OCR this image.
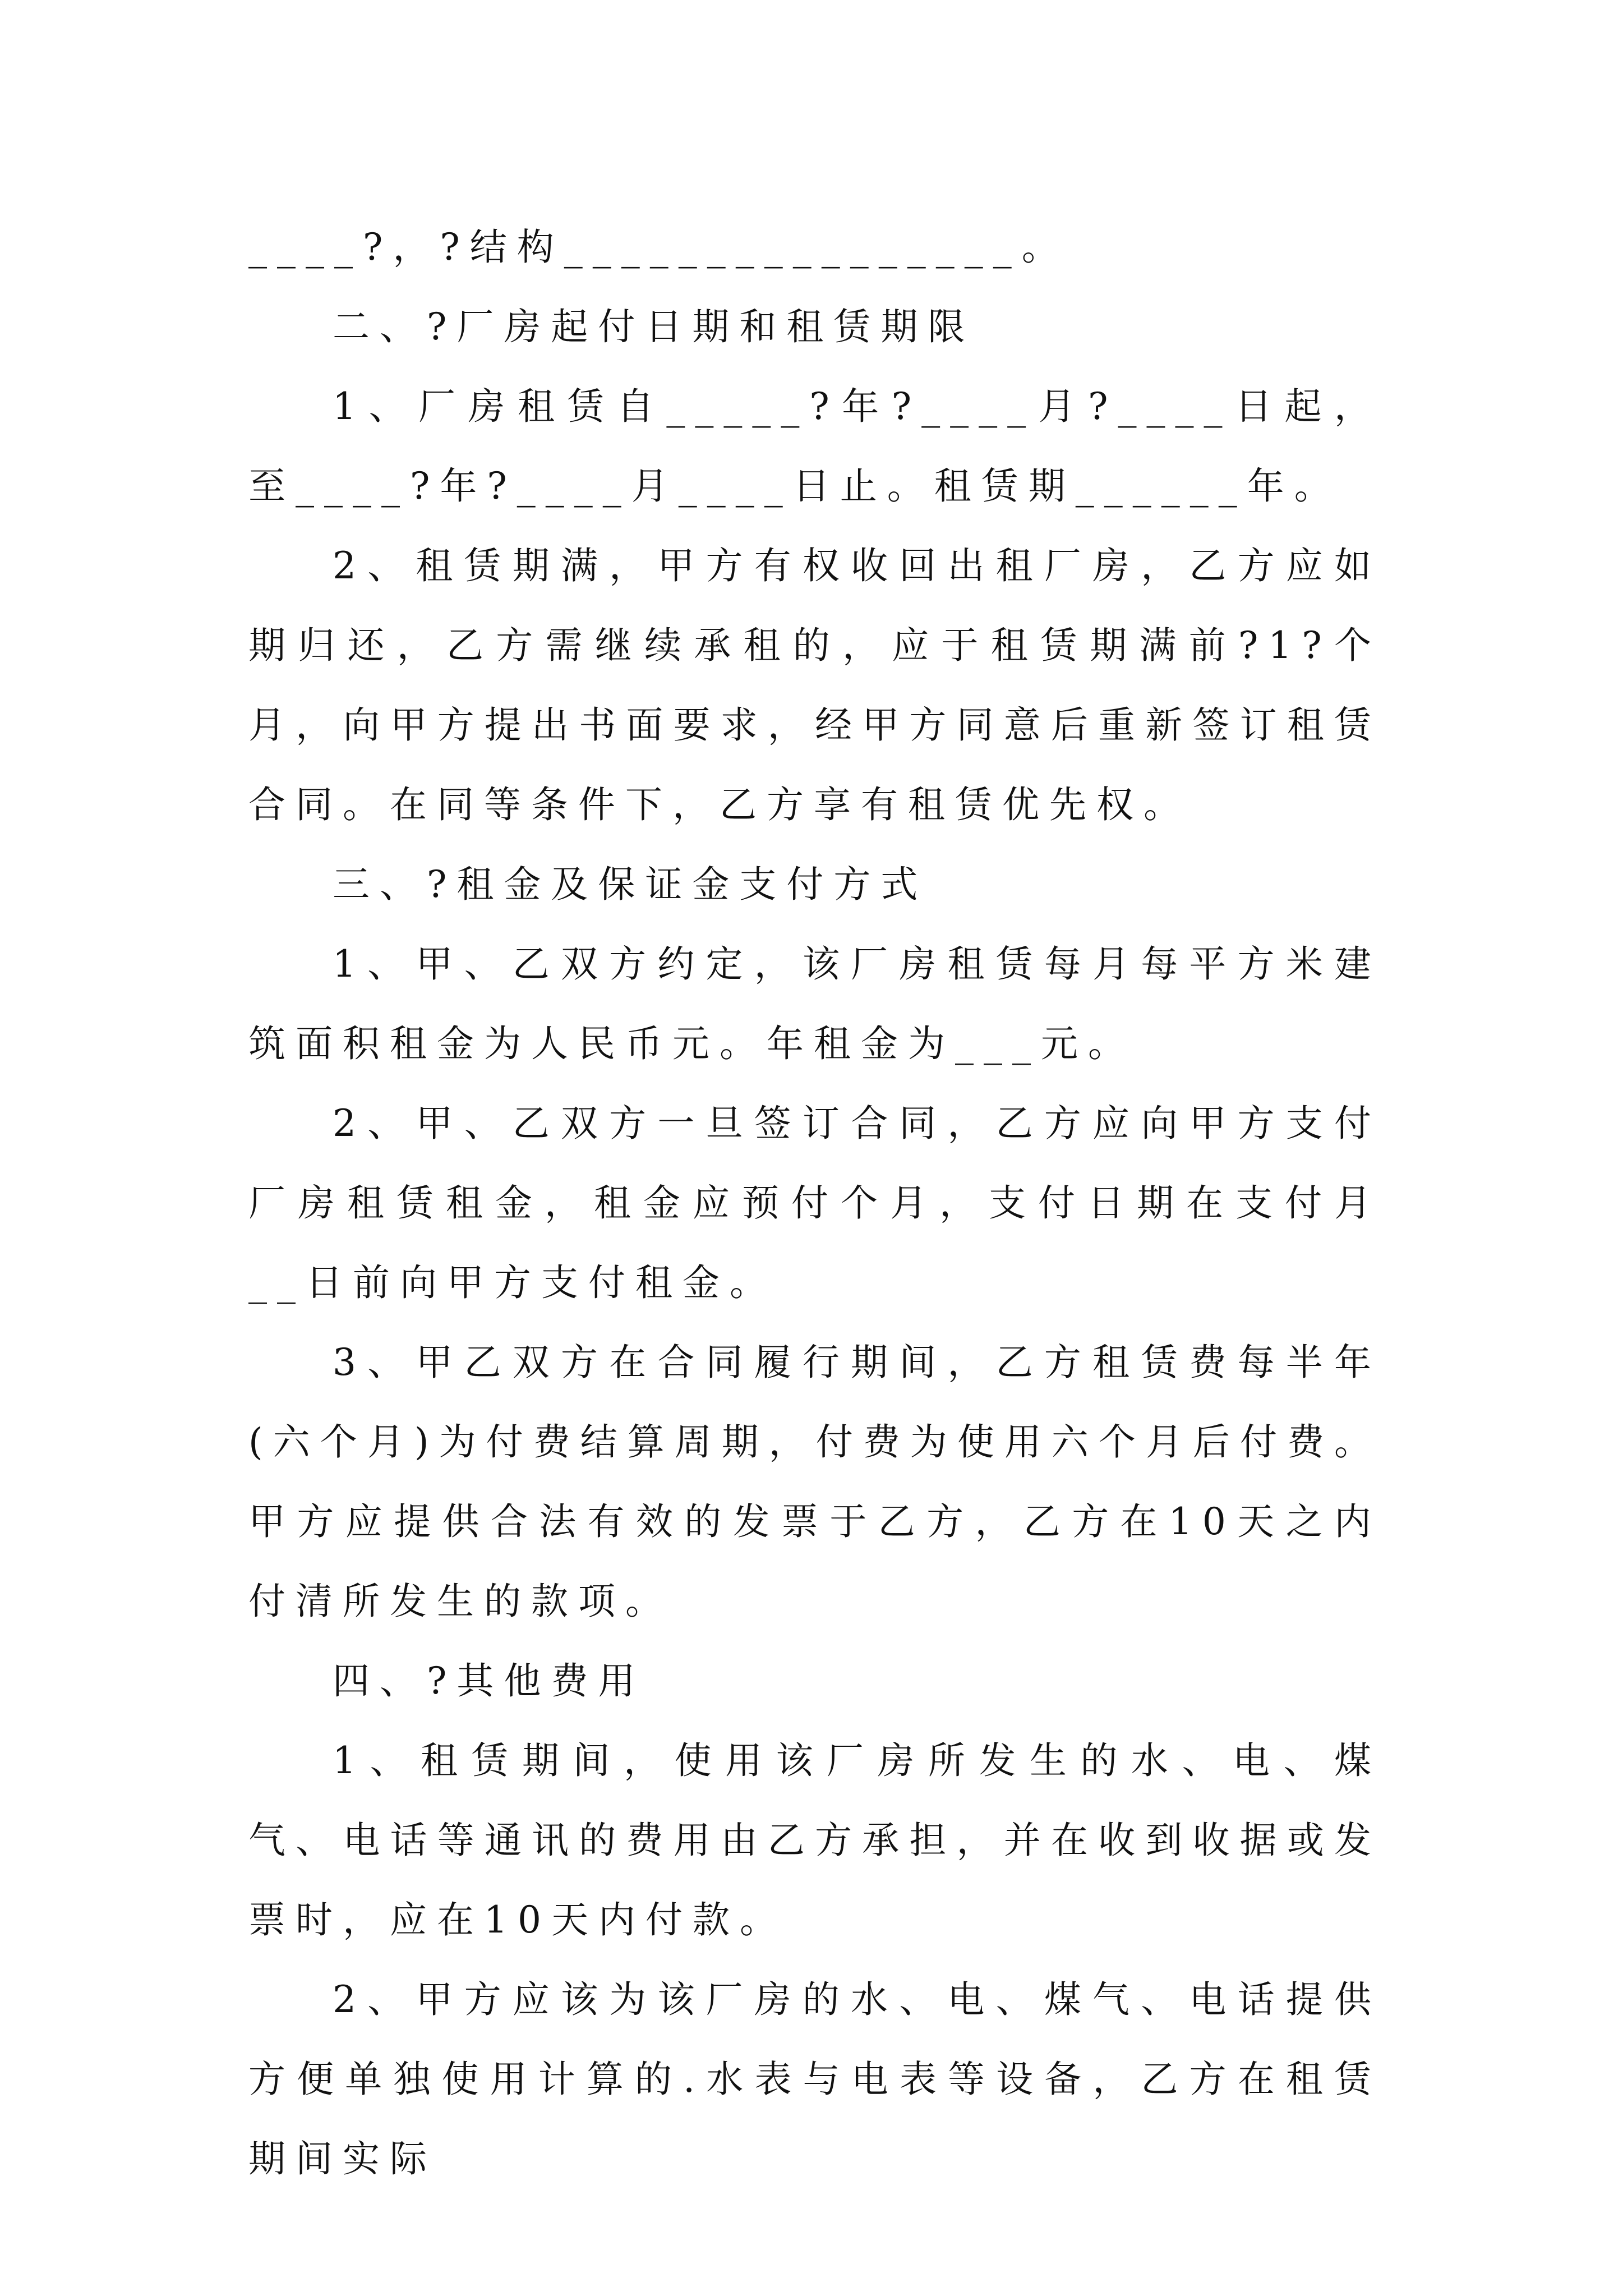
____?，?结构________________。

二、?厂房起付日期和租赁期限

1、厂房租赁自_____?年?____月?____日起，至____?年?____月____日止。租赁期______年。

2、租赁期满，甲方有权收回出租厂房，乙方应如期归还，乙方需继续承租的，应于租赁期满前?1?个月，向甲方提出书面要求，经甲方同意后重新签订租赁合同。在同等条件下，乙方享有租赁优先权。

三、?租金及保证金支付方式

1、甲、乙双方约定，该厂房租赁每月每平方米建筑面积租金为人民币元。年租金为___元。

2、甲、乙双方一旦签订合同，乙方应向甲方支付厂房租赁租金，租金应预付个月，支付日期在支付月__日前向甲方支付租金。

3、甲乙双方在合同履行期间，乙方租赁费每半年(六个月)为付费结算周期，付费为使用六个月后付费。甲方应提供合法有效的发票于乙方，乙方在10天之内付清所发生的款项。

四、?其他费用

1、租赁期间，使用该厂房所发生的水、电、煤气、电话等通讯的费用由乙方承担，并在收到收据或发票时，应在10天内付款。

2、甲方应该为该厂房的水、电、煤气、电话提供方便单独使用计算的.水表与电表等设备，乙方在租赁期间实际
